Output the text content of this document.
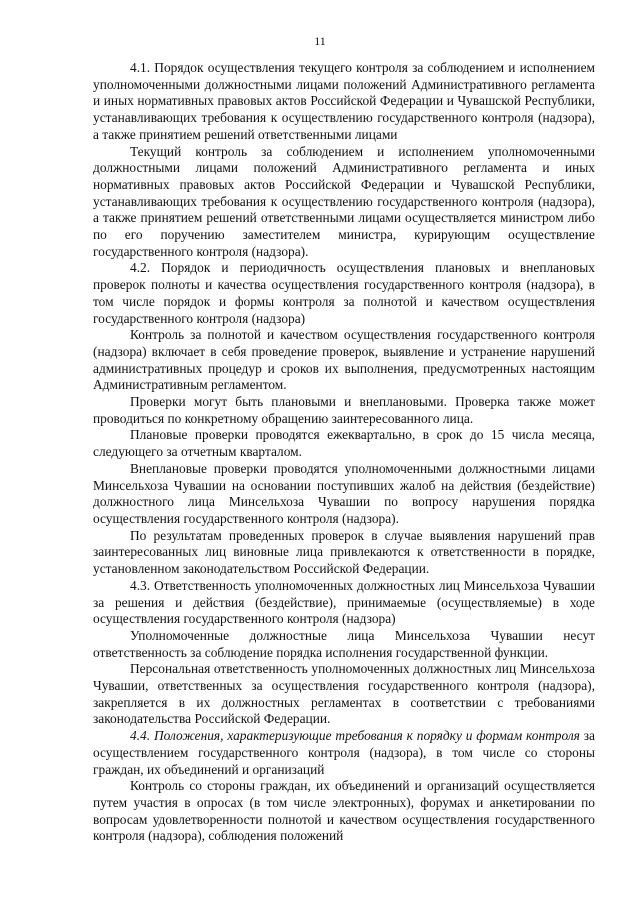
11

4.1. Порядок осуществления текущего контроля за соблюдением и исполнением уполномоченными должностными лицами положений Административного регламента и иных нормативных правовых актов Российской Федерации и Чувашской Республики, устанавливающих требования к осуществлению государственного контроля (надзора), а также принятием решений ответственными лицами

Текущий контроль за соблюдением и исполнением уполномоченными должностными лицами положений Административного регламента и иных нормативных правовых актов Российской Федерации и Чувашской Республики, устанавливающих требования к осуществлению государственного контроля (надзора), а также принятием решений ответственными лицами осуществляется министром либо по его поручению заместителем министра, курирующим осуществление государственного контроля (надзора).

4.2. Порядок и периодичность осуществления плановых и внеплановых проверок полноты и качества осуществления государственного контроля (надзора), в том числе порядок и формы контроля за полнотой и качеством осуществления государственного контроля (надзора)

Контроль за полнотой и качеством осуществления государственного контроля (надзора) включает в себя проведение проверок, выявление и устранение нарушений административных процедур и сроков их выполнения, предусмотренных настоящим Административным регламентом.

Проверки могут быть плановыми и внеплановыми. Проверка также может проводиться по конкретному обращению заинтересованного лица.

Плановые проверки проводятся ежеквартально, в срок до 15 числа месяца, следующего за отчетным кварталом.

Внеплановые проверки проводятся уполномоченными должностными лицами Минсельхоза Чувашии на основании поступивших жалоб на действия (бездействие) должностного лица Минсельхоза Чувашии по вопросу нарушения порядка осуществления государственного контроля (надзора).

По результатам проведенных проверок в случае выявления нарушений прав заинтересованных лиц виновные лица привлекаются к ответственности в порядке, установленном законодательством Российской Федерации.

4.3. Ответственность уполномоченных должностных лиц Минсельхоза Чувашии за решения и действия (бездействие), принимаемые (осуществляемые) в ходе осуществления государственного контроля (надзора)

Уполномоченные должностные лица Минсельхоза Чувашии несут ответственность за соблюдение порядка исполнения государственной функции.

Персональная ответственность уполномоченных должностных лиц Минсельхоза Чувашии, ответственных за осуществления государственного контроля (надзора), закрепляется в их должностных регламентах в соответствии с требованиями законодательства Российской Федерации.

4.4. Положения, характеризующие требования к порядку и формам контроля за осуществлением государственного контроля (надзора), в том числе со стороны граждан, их объединений и организаций

Контроль со стороны граждан, их объединений и организаций осуществляется путем участия в опросах (в том числе электронных), форумах и анкетировании по вопросам удовлетворенности полнотой и качеством осуществления государственного контроля (надзора), соблюдения положений
